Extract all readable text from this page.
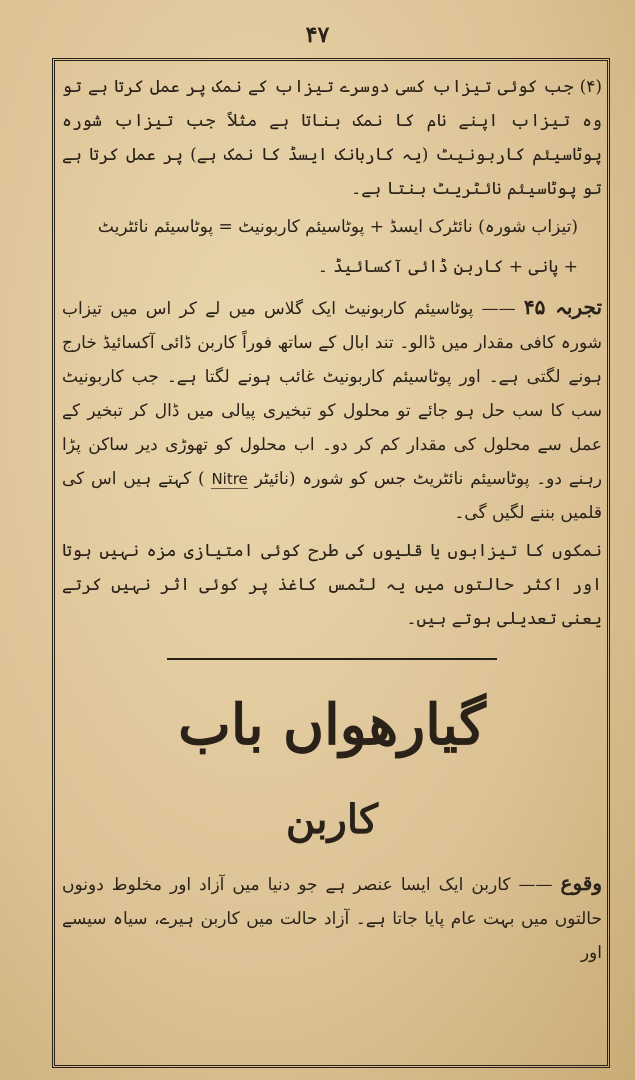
۴۷

(۴) جب کوئی تیزاب کسی دوسرے تیزاب کے نمک پر عمل کرتا ہے تو وہ تیزاب اپنے نام کا نمک بناتا ہے مثلاً جب تیزاب شورہ پوٹاسیئم کاربونیٹ (یہ کاربانک ایسڈ کا نمک ہے) پر عمل کرتا ہے تو پوٹاسیئم نائٹریٹ بنتا ہے۔

(تیزاب شورہ) نائٹرک ایسڈ + پوٹاسیئم کاربونیٹ = پوٹاسیئم نائٹریٹ

+ پانی + کاربن ڈائی آکسائیڈ ۔

تجربہ ۴۵ —— پوٹاسیئم کاربونیٹ ایک گلاس میں لے کر اس میں تیزاب شورہ کافی مقدار میں ڈالو۔ تند ابال کے ساتھ فوراً کاربن ڈائی آکسائیڈ خارج ہونے لگتی ہے۔ اور پوٹاسیئم کاربونیٹ غائب ہونے لگتا ہے۔ جب کاربونیٹ سب کا سب حل ہو جائے تو محلول کو تبخیری پیالی میں ڈال کر تبخیر کے عمل سے محلول کی مقدار کم کر دو۔ اب محلول کو تھوڑی دیر ساکن پڑا رہنے دو۔ پوٹاسیئم نائٹریٹ جس کو شورہ (نائیٹر Nitre ) کہتے ہیں اس کی قلمیں بننے لگیں گی۔

نمکوں کا تیزابوں یا قلیوں کی طرح کوئی امتیازی مزہ نہیں ہوتا اور اکثر حالتوں میں یہ لٹمس کاغذ پر کوئی اثر نہیں کرتے یعنی تعدیلی ہوتے ہیں۔

گیارھواں باب
کاربن

وقوع —— کاربن ایک ایسا عنصر ہے جو دنیا میں آزاد اور مخلوط دونوں حالتوں میں بہت عام پایا جاتا ہے۔ آزاد حالت میں کاربن ہیرے، سیاہ سیسے اور
